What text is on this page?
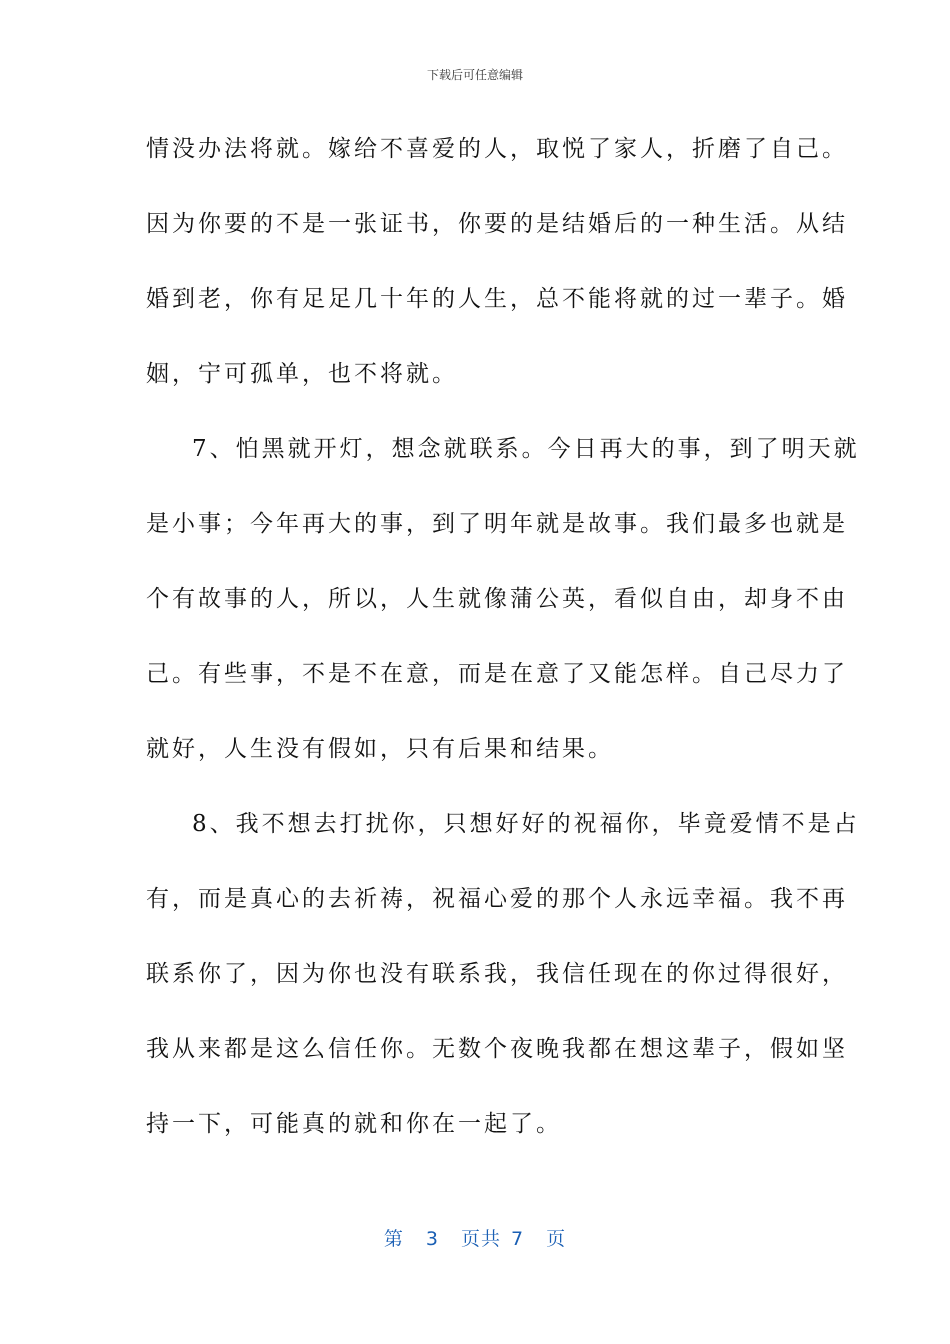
下载后可任意编辑
情没办法将就。嫁给不喜爱的人，取悦了家人，折磨了自己。
因为你要的不是一张证书，你要的是结婚后的一种生活。从结
婚到老，你有足足几十年的人生，总不能将就的过一辈子。婚
姻，宁可孤单，也不将就。
7、怕黑就开灯，想念就联系。今日再大的事，到了明天就
是小事；今年再大的事，到了明年就是故事。我们最多也就是
个有故事的人，所以，人生就像蒲公英，看似自由，却身不由
己。有些事，不是不在意，而是在意了又能怎样。自己尽力了
就好，人生没有假如，只有后果和结果。
8、我不想去打扰你，只想好好的祝福你，毕竟爱情不是占
有，而是真心的去祈祷，祝福心爱的那个人永远幸福。我不再
联系你了，因为你也没有联系我，我信任现在的你过得很好，
我从来都是这么信任你。无数个夜晚我都在想这辈子，假如坚
持一下，可能真的就和你在一起了。
第 3 页共 7 页
